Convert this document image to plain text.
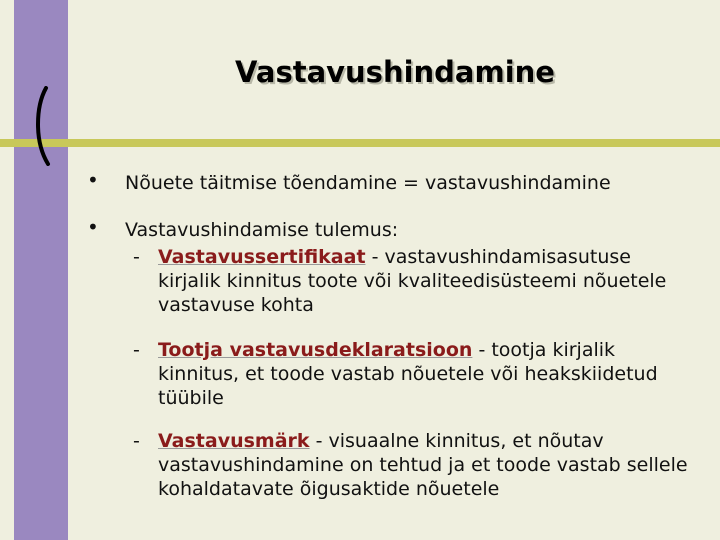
Vastavushindamine
• Nõuete täitmise tõendamine = vastavushindamine
• Vastavushindamise tulemus:
- Vastavussertifikaat - vastavushindamisasutuse kirjalik kinnitus toote või kvaliteedisüsteemi nõuetele vastavuse kohta
- Tootja vastavusdeklaratsioon - tootja kirjalik kinnitus, et toode vastab nõuetele või heakskiidetud tüübile
- Vastavusmärk - visuaalne kinnitus, et nõutav vastavushindamine on tehtud ja et toode vastab sellele kohaldatavate õigusaktide nõuetele
